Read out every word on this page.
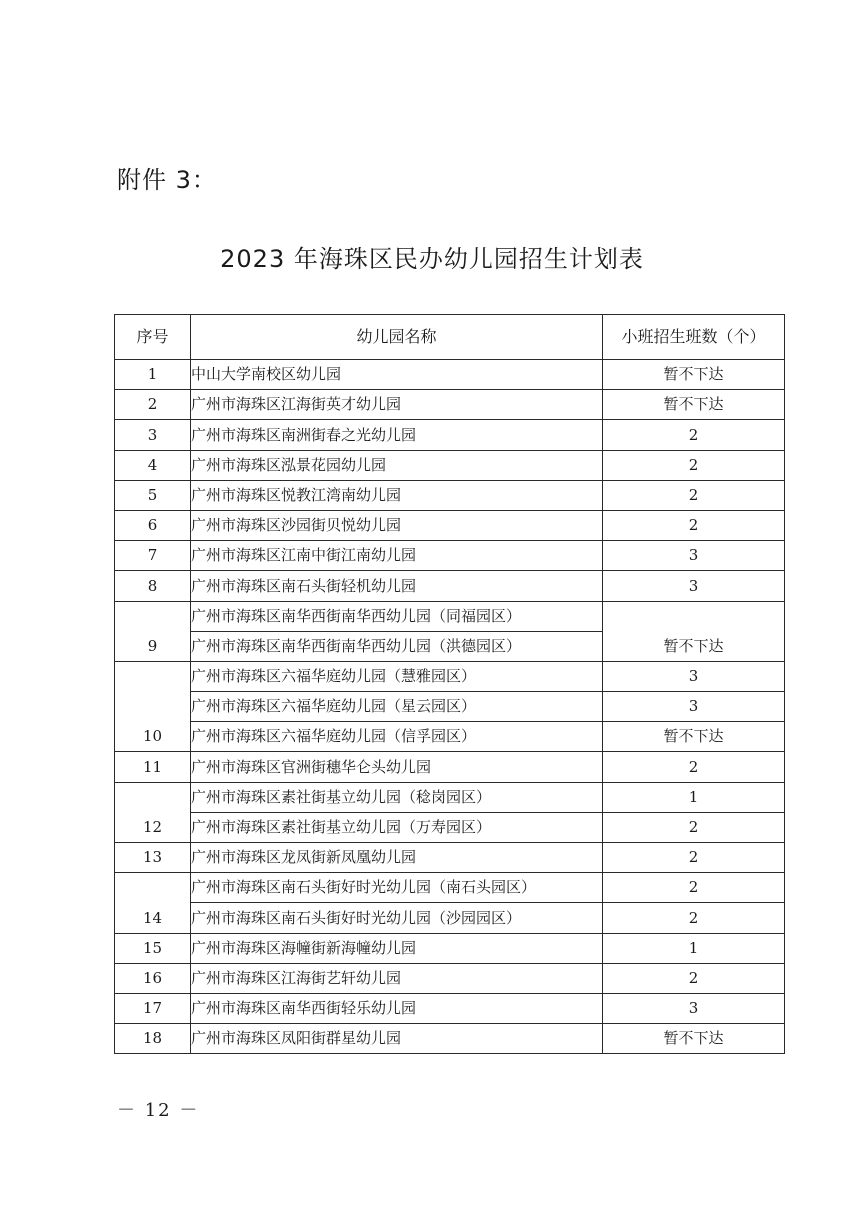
附件 3：
2023 年海珠区民办幼儿园招生计划表
序号	幼儿园名称	小班招生班数（个）
1	中山大学南校区幼儿园	暂不下达
2	广州市海珠区江海街英才幼儿园	暂不下达
3	广州市海珠区南洲街春之光幼儿园	2
4	广州市海珠区泓景花园幼儿园	2
5	广州市海珠区悦教江湾南幼儿园	2
6	广州市海珠区沙园街贝悦幼儿园	2
7	广州市海珠区江南中街江南幼儿园	3
8	广州市海珠区南石头街轻机幼儿园	3
9	广州市海珠区南华西街南华西幼儿园（同福园区）	暂不下达
	广州市海珠区南华西街南华西幼儿园（洪德园区）	
10	广州市海珠区六福华庭幼儿园（慧雅园区）	3
	广州市海珠区六福华庭幼儿园（星云园区）	3
	广州市海珠区六福华庭幼儿园（信孚园区）	暂不下达
11	广州市海珠区官洲街穗华仑头幼儿园	2
12	广州市海珠区素社街基立幼儿园（稔岗园区）	1
	广州市海珠区素社街基立幼儿园（万寿园区）	2
13	广州市海珠区龙凤街新凤凰幼儿园	2
14	广州市海珠区南石头街好时光幼儿园（南石头园区）	2
	广州市海珠区南石头街好时光幼儿园（沙园园区）	2
15	广州市海珠区海幢街新海幢幼儿园	1
16	广州市海珠区江海街艺轩幼儿园	2
17	广州市海珠区南华西街轻乐幼儿园	3
18	广州市海珠区凤阳街群星幼儿园	暂不下达
－ 12 －
